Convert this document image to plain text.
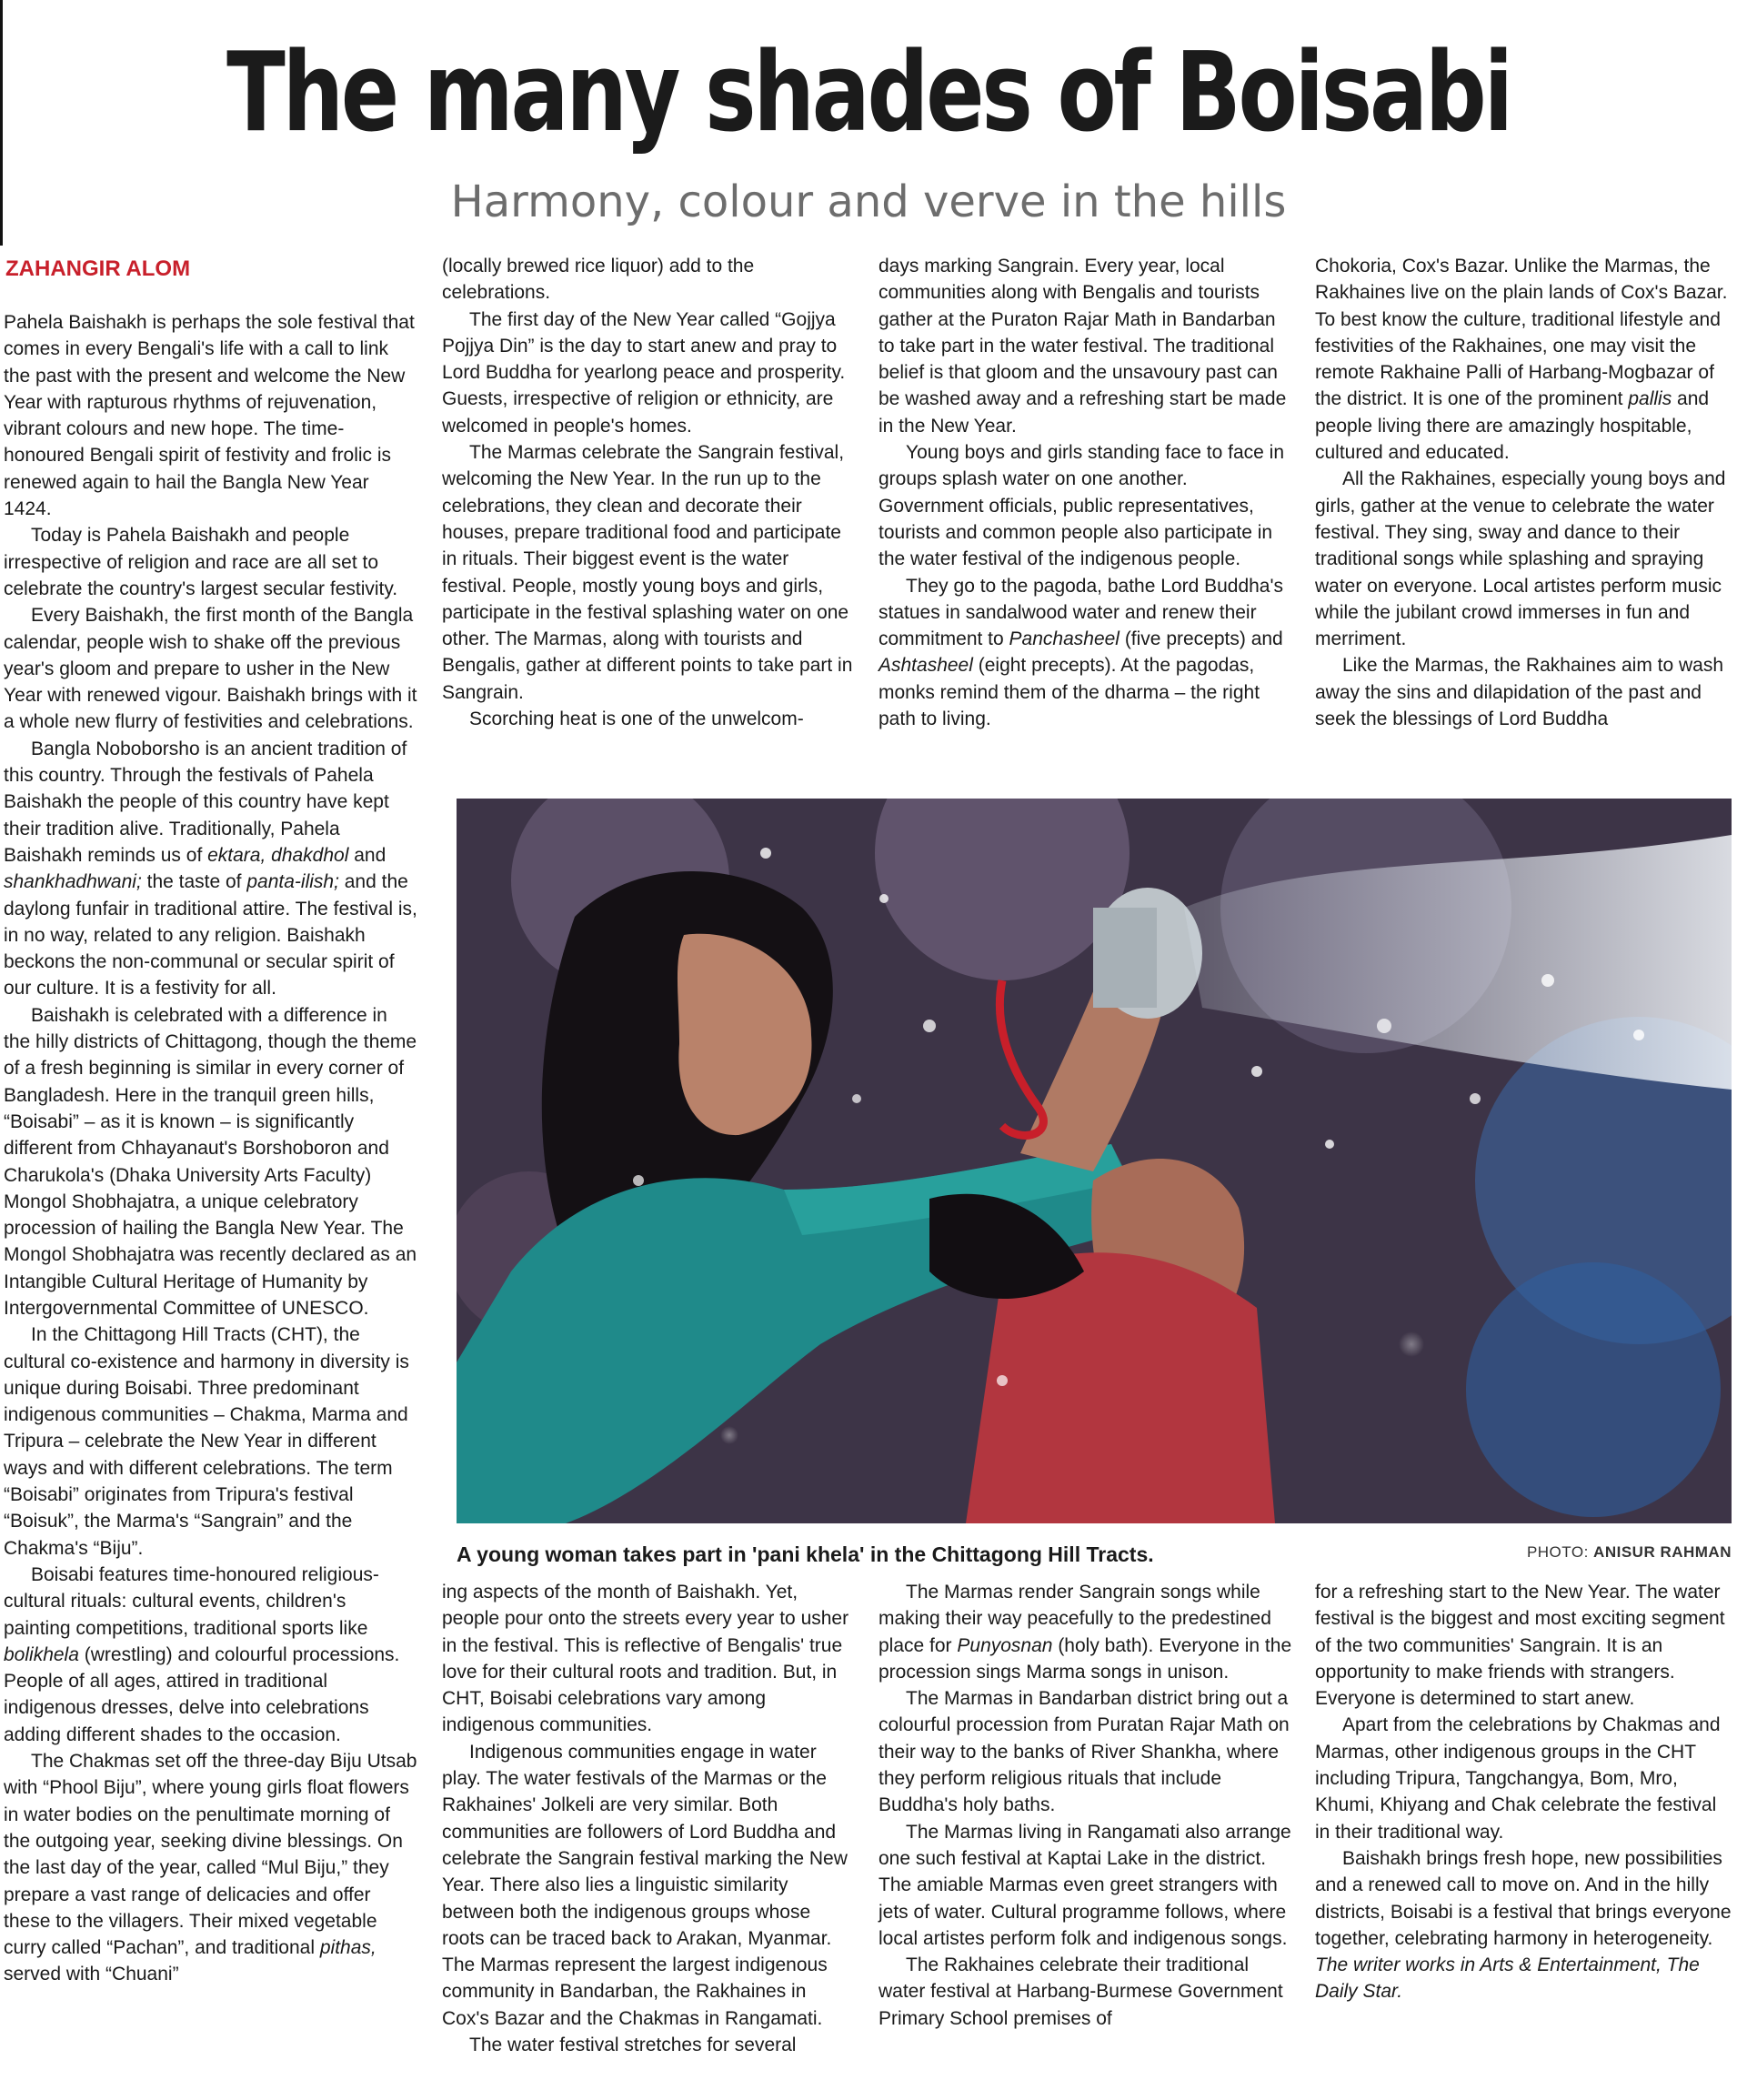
The many shades of Boisabi
Harmony, colour and verve in the hills
ZAHANGIR ALOM

Pahela Baishakh is perhaps the sole festival that comes in every Bengali's life with a call to link the past with the present and welcome the New Year with rapturous rhythms of rejuvenation, vibrant colours and new hope. The time-honoured Bengali spirit of festivity and frolic is renewed again to hail the Bangla New Year 1424.

Today is Pahela Baishakh and people irrespective of religion and race are all set to celebrate the country's largest secular festivity.

Every Baishakh, the first month of the Bangla calendar, people wish to shake off the previous year's gloom and prepare to usher in the New Year with renewed vigour. Baishakh brings with it a whole new flurry of festivities and celebrations.

Bangla Noboborsho is an ancient tradition of this country. Through the festivals of Pahela Baishakh the people of this country have kept their tradition alive. Traditionally, Pahela Baishakh reminds us of ektara, dhakdhol and shankhadhwani; the taste of panta-ilish; and the daylong funfair in traditional attire. The festival is, in no way, related to any religion. Baishakh beckons the non-communal or secular spirit of our culture. It is a festivity for all.

Baishakh is celebrated with a difference in the hilly districts of Chittagong, though the theme of a fresh beginning is similar in every corner of Bangladesh. Here in the tranquil green hills, “Boisabi” – as it is known – is significantly different from Chhayanaut's Borshoboron and Charukola's (Dhaka University Arts Faculty) Mongol Shobhajatra, a unique celebratory procession of hailing the Bangla New Year. The Mongol Shobhajatra was recently declared as an Intangible Cultural Heritage of Humanity by Intergovernmental Committee of UNESCO.

In the Chittagong Hill Tracts (CHT), the cultural co-existence and harmony in diversity is unique during Boisabi. Three predominant indigenous communities – Chakma, Marma and Tripura – celebrate the New Year in different ways and with different celebrations. The term “Boisabi” originates from Tripura's festival “Boisuk”, the Marma's “Sangrain” and the Chakma's “Biju”.

Boisabi features time-honoured religious-cultural rituals: cultural events, children's painting competitions, traditional sports like bolikhela (wrestling) and colourful processions. People of all ages, attired in traditional indigenous dresses, delve into celebrations adding different shades to the occasion.

The Chakmas set off the three-day Biju Utsab with “Phool Biju”, where young girls float flowers in water bodies on the penultimate morning of the outgoing year, seeking divine blessings. On the last day of the year, called “Mul Biju,” they prepare a vast range of delicacies and offer these to the villagers. Their mixed vegetable curry called “Pachan”, and traditional pithas, served with “Chuani”

(locally brewed rice liquor) add to the celebrations.

The first day of the New Year called “Gojjya Pojjya Din” is the day to start anew and pray to Lord Buddha for yearlong peace and prosperity. Guests, irrespective of religion or ethnicity, are welcomed in people's homes.

The Marmas celebrate the Sangrain festival, welcoming the New Year. In the run up to the celebrations, they clean and decorate their houses, prepare traditional food and participate in rituals. Their biggest event is the water festival. People, mostly young boys and girls, participate in the festival splashing water on one other. The Marmas, along with tourists and Bengalis, gather at different points to take part in Sangrain.

Scorching heat is one of the unwelcom-

days marking Sangrain. Every year, local communities along with Bengalis and tourists gather at the Puraton Rajar Math in Bandarban to take part in the water festival. The traditional belief is that gloom and the unsavoury past can be washed away and a refreshing start be made in the New Year.

Young boys and girls standing face to face in groups splash water on one another. Government officials, public representatives, tourists and common people also participate in the water festival of the indigenous people.

They go to the pagoda, bathe Lord Buddha's statues in sandalwood water and renew their commitment to Panchasheel (five precepts) and Ashtasheel (eight precepts). At the pagodas, monks remind them of the dharma – the right path to living.

Chokoria, Cox's Bazar. Unlike the Marmas, the Rakhaines live on the plain lands of Cox's Bazar. To best know the culture, traditional lifestyle and festivities of the Rakhaines, one may visit the remote Rakhaine Palli of Harbang-Mogbazar of the district. It is one of the prominent pallis and people living there are amazingly hospitable, cultured and educated.

All the Rakhaines, especially young boys and girls, gather at the venue to celebrate the water festival. They sing, sway and dance to their traditional songs while splashing and spraying water on everyone. Local artistes perform music while the jubilant crowd immerses in fun and merriment.

Like the Marmas, the Rakhaines aim to wash away the sins and dilapidation of the past and seek the blessings of Lord Buddha

A young woman takes part in 'pani khela' in the Chittagong Hill Tracts.	PHOTO: ANISUR RAHMAN

ing aspects of the month of Baishakh. Yet, people pour onto the streets every year to usher in the festival. This is reflective of Bengalis' true love for their cultural roots and tradition. But, in CHT, Boisabi celebrations vary among indigenous communities.

Indigenous communities engage in water play. The water festivals of the Marmas or the Rakhaines' Jolkeli are very similar. Both communities are followers of Lord Buddha and celebrate the Sangrain festival marking the New Year. There also lies a linguistic similarity between both the indigenous groups whose roots can be traced back to Arakan, Myanmar. The Marmas represent the largest indigenous community in Bandarban, the Rakhaines in Cox's Bazar and the Chakmas in Rangamati.

The water festival stretches for several

The Marmas render Sangrain songs while making their way peacefully to the predestined place for Punyosnan (holy bath). Everyone in the procession sings Marma songs in unison.

The Marmas in Bandarban district bring out a colourful procession from Puratan Rajar Math on their way to the banks of River Shankha, where they perform religious rituals that include Buddha's holy baths.

The Marmas living in Rangamati also arrange one such festival at Kaptai Lake in the district. The amiable Marmas even greet strangers with jets of water. Cultural programme follows, where local artistes perform folk and indigenous songs.

The Rakhaines celebrate their traditional water festival at Harbang-Burmese Government Primary School premises of

for a refreshing start to the New Year. The water festival is the biggest and most exciting segment of the two communities' Sangrain. It is an opportunity to make friends with strangers. Everyone is determined to start anew.

Apart from the celebrations by Chakmas and Marmas, other indigenous groups in the CHT including Tripura, Tangchangya, Bom, Mro, Khumi, Khiyang and Chak celebrate the festival in their traditional way.

Baishakh brings fresh hope, new possibilities and a renewed call to move on. And in the hilly districts, Boisabi is a festival that brings everyone together, celebrating harmony in heterogeneity.

The writer works in Arts & Entertainment, The Daily Star.
